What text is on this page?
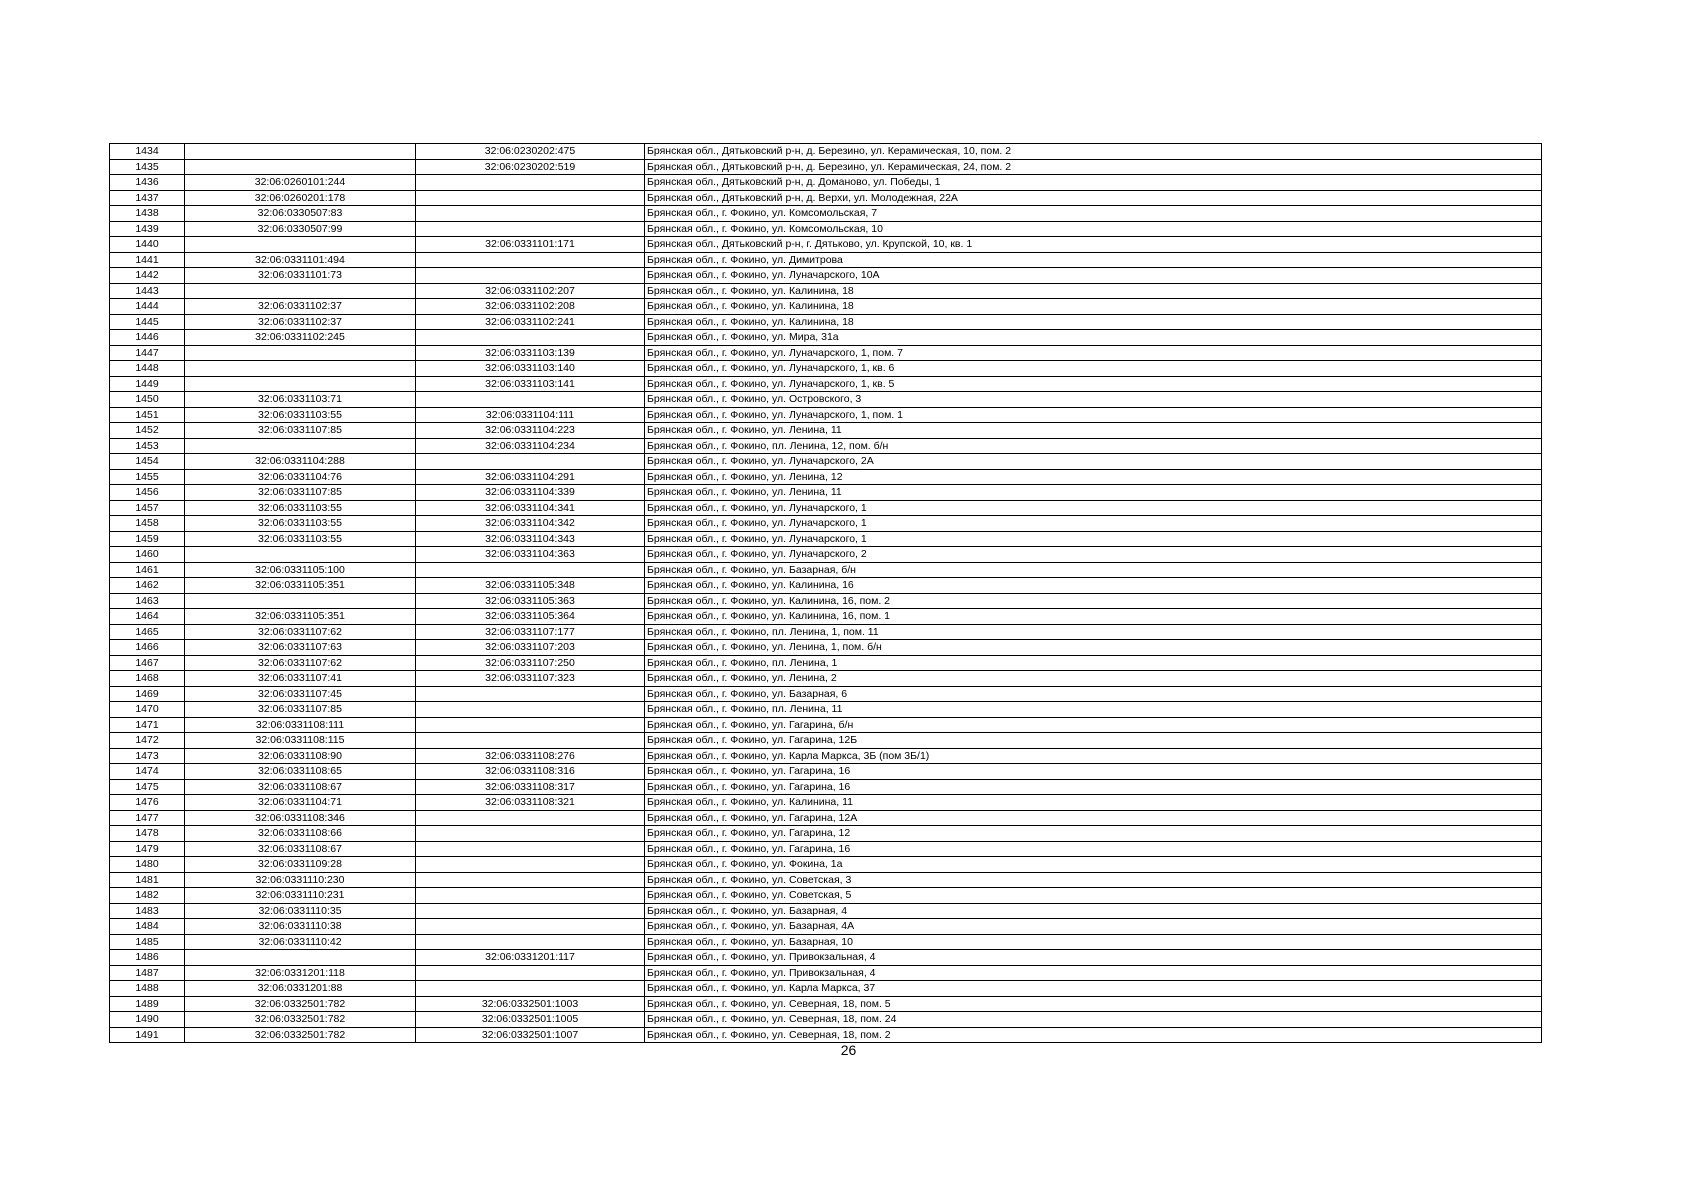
1434		32:06:0230202:475	Брянская обл., Дятьковский р-н, д. Березино, ул. Керамическая, 10, пом. 2
1435		32:06:0230202:519	Брянская обл., Дятьковский р-н, д. Березино, ул. Керамическая, 24, пом. 2
1436	32:06:0260101:244		Брянская обл., Дятьковский р-н, д. Доманово, ул. Победы, 1
1437	32:06:0260201:178		Брянская обл., Дятьковский р-н, д. Верхи, ул. Молодежная, 22А
1438	32:06:0330507:83		Брянская обл., г. Фокино, ул. Комсомольская, 7
1439	32:06:0330507:99		Брянская обл., г. Фокино, ул. Комсомольская, 10
1440		32:06:0331101:171	Брянская обл., Дятьковский р-н, г. Дятьково, ул. Крупской, 10, кв. 1
1441	32:06:0331101:494		Брянская обл., г. Фокино, ул. Димитрова
1442	32:06:0331101:73		Брянская обл., г. Фокино, ул. Луначарского, 10А
1443		32:06:0331102:207	Брянская обл., г. Фокино, ул. Калинина, 18
1444	32:06:0331102:37	32:06:0331102:208	Брянская обл., г. Фокино, ул. Калинина, 18
1445	32:06:0331102:37	32:06:0331102:241	Брянская обл., г. Фокино, ул. Калинина, 18
1446	32:06:0331102:245		Брянская обл., г. Фокино, ул. Мира, 31а
1447		32:06:0331103:139	Брянская обл., г. Фокино, ул. Луначарского, 1, пом. 7
1448		32:06:0331103:140	Брянская обл., г. Фокино, ул. Луначарского, 1, кв. 6
1449		32:06:0331103:141	Брянская обл., г. Фокино, ул. Луначарского, 1, кв. 5
1450	32:06:0331103:71		Брянская обл., г. Фокино, ул. Островского, 3
1451	32:06:0331103:55	32:06:0331104:111	Брянская обл., г. Фокино, ул. Луначарского, 1, пом. 1
1452	32:06:0331107:85	32:06:0331104:223	Брянская обл., г. Фокино, ул. Ленина, 11
1453		32:06:0331104:234	Брянская обл., г. Фокино, пл. Ленина, 12, пом. б/н
1454	32:06:0331104:288		Брянская обл., г. Фокино, ул. Луначарского, 2А
1455	32:06:0331104:76	32:06:0331104:291	Брянская обл., г. Фокино, ул. Ленина, 12
1456	32:06:0331107:85	32:06:0331104:339	Брянская обл., г. Фокино, ул. Ленина, 11
1457	32:06:0331103:55	32:06:0331104:341	Брянская обл., г. Фокино, ул. Луначарского, 1
1458	32:06:0331103:55	32:06:0331104:342	Брянская обл., г. Фокино, ул. Луначарского, 1
1459	32:06:0331103:55	32:06:0331104:343	Брянская обл., г. Фокино, ул. Луначарского, 1
1460		32:06:0331104:363	Брянская обл., г. Фокино, ул. Луначарского, 2
1461	32:06:0331105:100		Брянская обл., г. Фокино, ул. Базарная, б/н
1462	32:06:0331105:351	32:06:0331105:348	Брянская обл., г. Фокино, ул. Калинина, 16
1463		32:06:0331105:363	Брянская обл., г. Фокино, ул. Калинина, 16, пом. 2
1464	32:06:0331105:351	32:06:0331105:364	Брянская обл., г. Фокино, ул. Калинина, 16, пом. 1
1465	32:06:0331107:62	32:06:0331107:177	Брянская обл., г. Фокино, пл. Ленина, 1, пом. 11
1466	32:06:0331107:63	32:06:0331107:203	Брянская обл., г. Фокино, ул. Ленина, 1, пом. б/н
1467	32:06:0331107:62	32:06:0331107:250	Брянская обл., г. Фокино, пл. Ленина, 1
1468	32:06:0331107:41	32:06:0331107:323	Брянская обл., г. Фокино, ул. Ленина, 2
1469	32:06:0331107:45		Брянская обл., г. Фокино, ул. Базарная, 6
1470	32:06:0331107:85		Брянская обл., г. Фокино, пл. Ленина, 11
1471	32:06:0331108:111		Брянская обл., г. Фокино, ул. Гагарина, б/н
1472	32:06:0331108:115		Брянская обл., г. Фокино, ул. Гагарина, 12Б
1473	32:06:0331108:90	32:06:0331108:276	Брянская обл., г. Фокино, ул. Карла Маркса, 3Б (пом 3Б/1)
1474	32:06:0331108:65	32:06:0331108:316	Брянская обл., г. Фокино, ул. Гагарина, 16
1475	32:06:0331108:67	32:06:0331108:317	Брянская обл., г. Фокино, ул. Гагарина, 16
1476	32:06:0331104:71	32:06:0331108:321	Брянская обл., г. Фокино, ул. Калинина, 11
1477	32:06:0331108:346		Брянская обл., г. Фокино, ул. Гагарина, 12А
1478	32:06:0331108:66		Брянская обл., г. Фокино, ул. Гагарина, 12
1479	32:06:0331108:67		Брянская обл., г. Фокино, ул. Гагарина, 16
1480	32:06:0331109:28		Брянская обл., г. Фокино, ул. Фокина, 1а
1481	32:06:0331110:230		Брянская обл., г. Фокино, ул. Советская, 3
1482	32:06:0331110:231		Брянская обл., г. Фокино, ул. Советская, 5
1483	32:06:0331110:35		Брянская обл., г. Фокино, ул. Базарная, 4
1484	32:06:0331110:38		Брянская обл., г. Фокино, ул. Базарная, 4А
1485	32:06:0331110:42		Брянская обл., г. Фокино, ул. Базарная, 10
1486		32:06:0331201:117	Брянская обл., г. Фокино, ул. Привокзальная, 4
1487	32:06:0331201:118		Брянская обл., г. Фокино, ул. Привокзальная, 4
1488	32:06:0331201:88		Брянская обл., г. Фокино, ул. Карла Маркса, 37
1489	32:06:0332501:782	32:06:0332501:1003	Брянская обл., г. Фокино, ул. Северная, 18, пом. 5
1490	32:06:0332501:782	32:06:0332501:1005	Брянская обл., г. Фокино, ул. Северная, 18, пом. 24
1491	32:06:0332501:782	32:06:0332501:1007	Брянская обл., г. Фокино, ул. Северная, 18, пом. 2
26
